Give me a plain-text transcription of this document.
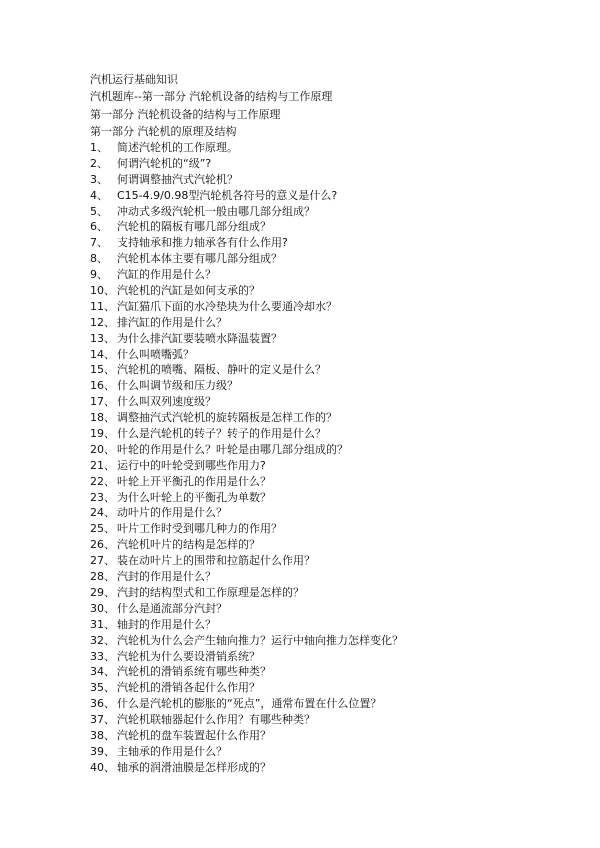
汽机运行基础知识
汽机题库--第一部分 汽轮机设备的结构与工作原理
第一部分 汽轮机设备的结构与工作原理
第一部分 汽轮机的原理及结构
1、 简述汽轮机的工作原理。
2、 何谓汽轮机的“级”?
3、 何谓调整抽汽式汽轮机？
4、 C15-4.9/0.98型汽轮机各符号的意义是什么?
5、 冲动式多级汽轮机一般由哪几部分组成？
6、 汽轮机的隔板有哪几部分组成？
7、 支持轴承和推力轴承各有什么作用?
8、 汽轮机本体主要有哪几部分组成？
9、 汽缸的作用是什么？
10、 汽轮机的汽缸是如何支承的？
11、 汽缸猫爪下面的水冷垫块为什么要通冷却水？
12、 排汽缸的作用是什么？
13、 为什么排汽缸要装喷水降温装置？
14、 什么叫喷嘴弧？
15、 汽轮机的喷嘴、隔板、静叶的定义是什么？
16、 什么叫调节级和压力级？
17、 什么叫双列速度级？
18、 调整抽汽式汽轮机的旋转隔板是怎样工作的？
19、 什么是汽轮机的转子？转子的作用是什么？
20、 叶轮的作用是什么？叶轮是由哪几部分组成的？
21、 运行中的叶轮受到哪些作用力?
22、 叶轮上开平衡孔的作用是什么？
23、 为什么叶轮上的平衡孔为单数？
24、 动叶片的作用是什么？
25、 叶片工作时受到哪几种力的作用？
26、 汽轮机叶片的结构是怎样的？
27、 装在动叶片上的围带和拉筋起什么作用？
28、 汽封的作用是什么？
29、 汽封的结构型式和工作原理是怎样的？
30、 什么是通流部分汽封？
31、 轴封的作用是什么？
32、 汽轮机为什么会产生轴向推力？运行中轴向推力怎样变化？
33、 汽轮机为什么要设滑销系统？
34、 汽轮机的滑销系统有哪些种类？
35、 汽轮机的滑销各起什么作用？
36、 什么是汽轮机的膨胀的“死点”，通常布置在什么位置？
37、 汽轮机联轴器起什么作用？有哪些种类？
38、 汽轮机的盘车装置起什么作用？
39、 主轴承的作用是什么？
40、 轴承的润滑油膜是怎样形成的？
